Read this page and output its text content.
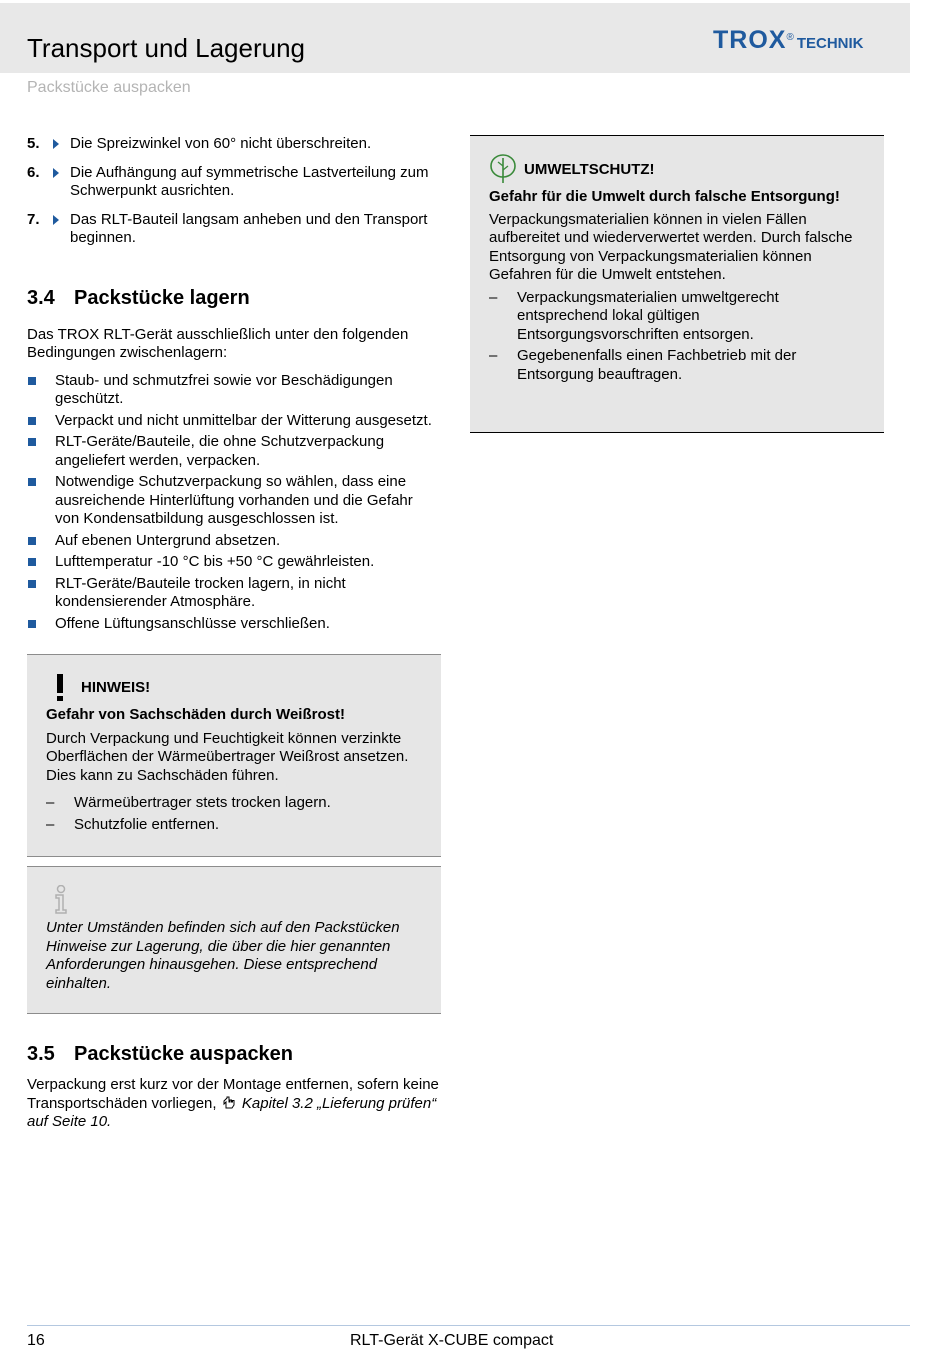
Transport und Lagerung	TROX® TECHNIK
Packstücke auspacken
5. Die Spreizwinkel von 60° nicht überschreiten.
6. Die Aufhängung auf symmetrische Lastverteilung zum Schwerpunkt ausrichten.
7. Das RLT-Bauteil langsam anheben und den Transport beginnen.
3.4 Packstücke lagern
Das TROX RLT-Gerät ausschließlich unter den folgenden Bedingungen zwischenlagern:
Staub- und schmutzfrei sowie vor Beschädigungen geschützt.
Verpackt und nicht unmittelbar der Witterung ausgesetzt.
RLT-Geräte/Bauteile, die ohne Schutzverpackung angeliefert werden, verpacken.
Notwendige Schutzverpackung so wählen, dass eine ausreichende Hinterlüftung vorhanden und die Gefahr von Kondensatbildung ausgeschlossen ist.
Auf ebenen Untergrund absetzen.
Lufttemperatur -10 °C bis +50 °C gewährleisten.
RLT-Geräte/Bauteile trocken lagern, in nicht kondensierender Atmosphäre.
Offene Lüftungsanschlüsse verschließen.
HINWEIS!
Gefahr von Sachschäden durch Weißrost!
Durch Verpackung und Feuchtigkeit können verzinkte Oberflächen der Wärmeübertrager Weißrost ansetzen. Dies kann zu Sachschäden führen.
– Wärmeübertrager stets trocken lagern.
– Schutzfolie entfernen.
Unter Umständen befinden sich auf den Packstücken Hinweise zur Lagerung, die über die hier genannten Anforderungen hinausgehen. Diese entsprechend einhalten.
3.5 Packstücke auspacken
Verpackung erst kurz vor der Montage entfernen, sofern keine Transportschäden vorliegen, Kapitel 3.2 „Lieferung prüfen“ auf Seite 10.
UMWELTSCHUTZ!
Gefahr für die Umwelt durch falsche Entsorgung!
Verpackungsmaterialien können in vielen Fällen aufbereitet und wiederverwertet werden. Durch falsche Entsorgung von Verpackungsmaterialien können Gefahren für die Umwelt entstehen.
– Verpackungsmaterialien umweltgerecht entsprechend lokal gültigen Entsorgungsvorschriften entsorgen.
– Gegebenenfalls einen Fachbetrieb mit der Entsorgung beauftragen.
16	RLT-Gerät X-CUBE compact
